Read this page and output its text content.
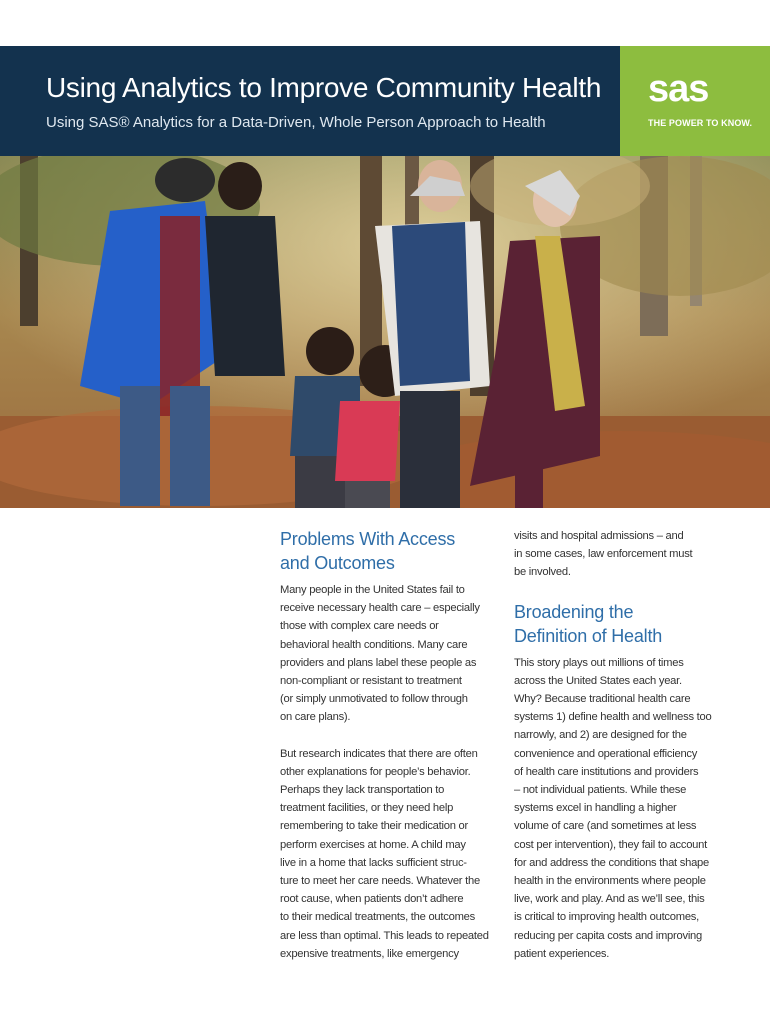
Using Analytics to Improve Community Health
Using SAS® Analytics for a Data-Driven, Whole Person Approach to Health
sas
THE POWER TO KNOW.
Problems With Access
and Outcomes
Many people in the United States fail to
receive necessary health care – especially
those with complex care needs or
behavioral health conditions. Many care
providers and plans label these people as
non-compliant or resistant to treatment
(or simply unmotivated to follow through
on care plans).
But research indicates that there are often
other explanations for people’s behavior.
Perhaps they lack transportation to
treatment facilities, or they need help
remembering to take their medication or
perform exercises at home. A child may
live in a home that lacks sufficient struc-
ture to meet her care needs. Whatever the
root cause, when patients don’t adhere
to their medical treatments, the outcomes
are less than optimal. This leads to repeated
expensive treatments, like emergency
visits and hospital admissions – and
in some cases, law enforcement must
be involved.
Broadening the
Definition of Health
This story plays out millions of times
across the United States each year.
Why? Because traditional health care
systems 1) define health and wellness too
narrowly, and 2) are designed for the
convenience and operational efficiency
of health care institutions and providers
– not individual patients. While these
systems excel in handling a higher
volume of care (and sometimes at less
cost per intervention), they fail to account
for and address the conditions that shape
health in the environments where people
live, work and play. And as we’ll see, this
is critical to improving health outcomes,
reducing per capita costs and improving
patient experiences.
